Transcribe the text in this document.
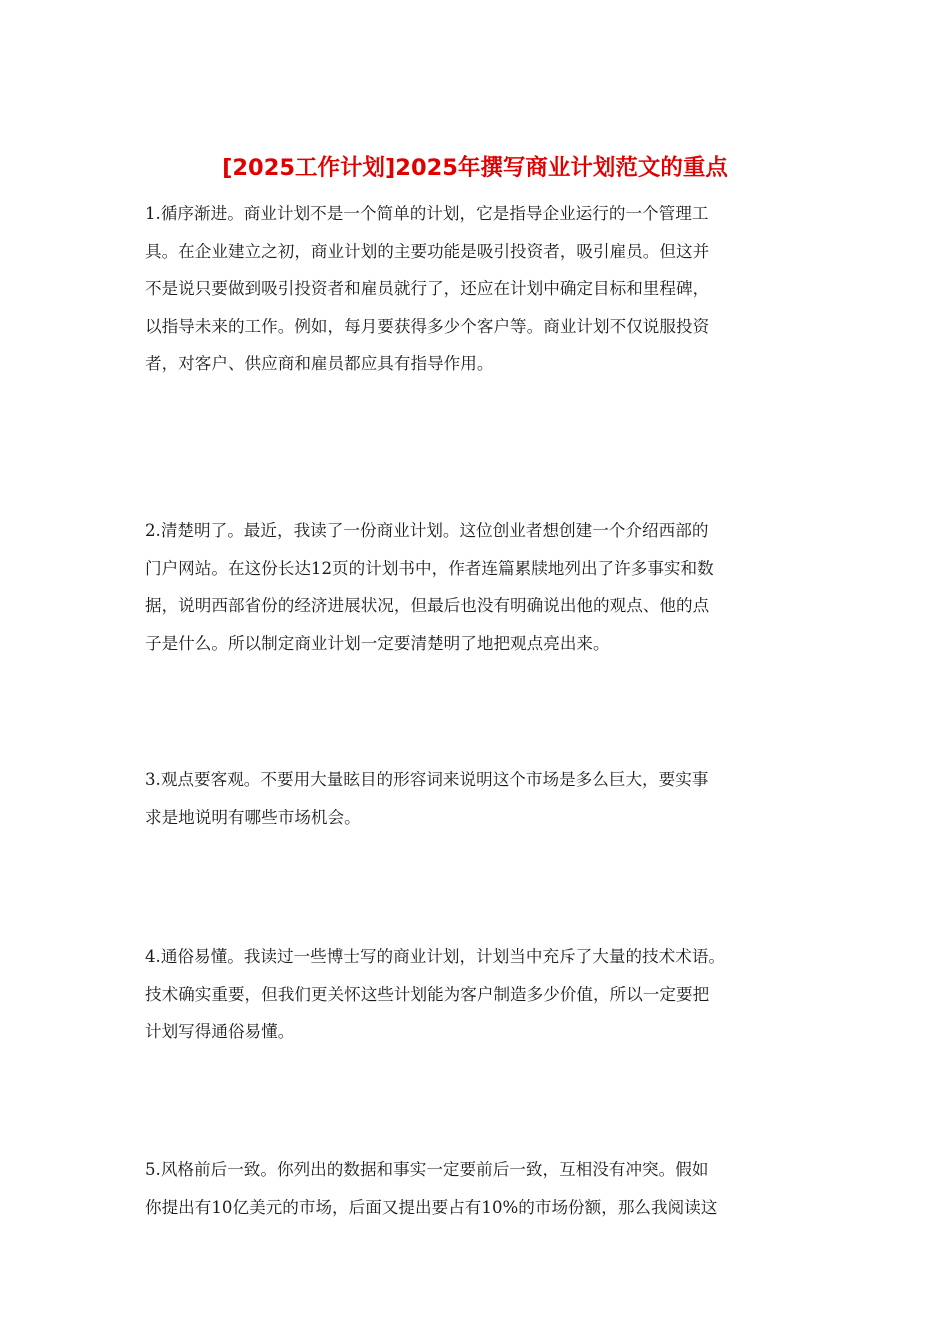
[2025工作计划]2025年撰写商业计划范文的重点
1.循序渐进。商业计划不是一个简单的计划，它是指导企业运行的一个管理工
具。在企业建立之初，商业计划的主要功能是吸引投资者，吸引雇员。但这并
不是说只要做到吸引投资者和雇员就行了，还应在计划中确定目标和里程碑，
以指导未来的工作。例如，每月要获得多少个客户等。商业计划不仅说服投资
者，对客户、供应商和雇员都应具有指导作用。
2.清楚明了。最近，我读了一份商业计划。这位创业者想创建一个介绍西部的
门户网站。在这份长达12页的计划书中，作者连篇累牍地列出了许多事实和数
据，说明西部省份的经济进展状况，但最后也没有明确说出他的观点、他的点
子是什么。所以制定商业计划一定要清楚明了地把观点亮出来。
3.观点要客观。不要用大量眩目的形容词来说明这个市场是多么巨大，要实事
求是地说明有哪些市场机会。
4.通俗易懂。我读过一些博士写的商业计划，计划当中充斥了大量的技术术语。
技术确实重要，但我们更关怀这些计划能为客户制造多少价值，所以一定要把
计划写得通俗易懂。
5.风格前后一致。你列出的数据和事实一定要前后一致，互相没有冲突。假如
你提出有10亿美元的市场，后面又提出要占有10%的市场份额，那么我阅读这
